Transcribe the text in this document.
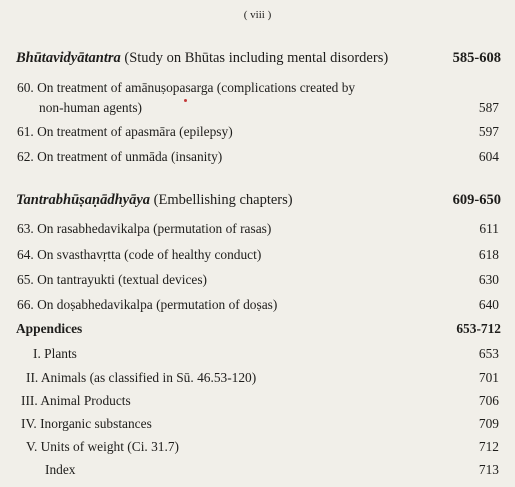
( viii )
Bhūtavidyātantra (Study on Bhūtas including mental disorders)	585-608
60. On treatment of amānuṣopasarga (complications created by
non-human agents)	587
61. On treatment of apasmāra (epilepsy)	597
62. On treatment of unmāda (insanity)	604
Tantrabhūṣaṇādhyāya (Embellishing chapters)	609-650
63. On rasabhedavikalpa (permutation of rasas)	611
64. On svasthavṛtta (code of healthy conduct)	618
65. On tantrayukti (textual devices)	630
66. On doṣabhedavikalpa (permutation of doṣas)	640
Appendices	653-712
I. Plants	653
II. Animals (as classified in Sū. 46.53-120)	701
III. Animal Products	706
IV. Inorganic substances	709
V. Units of weight (Ci. 31.7)	712
Index	713
